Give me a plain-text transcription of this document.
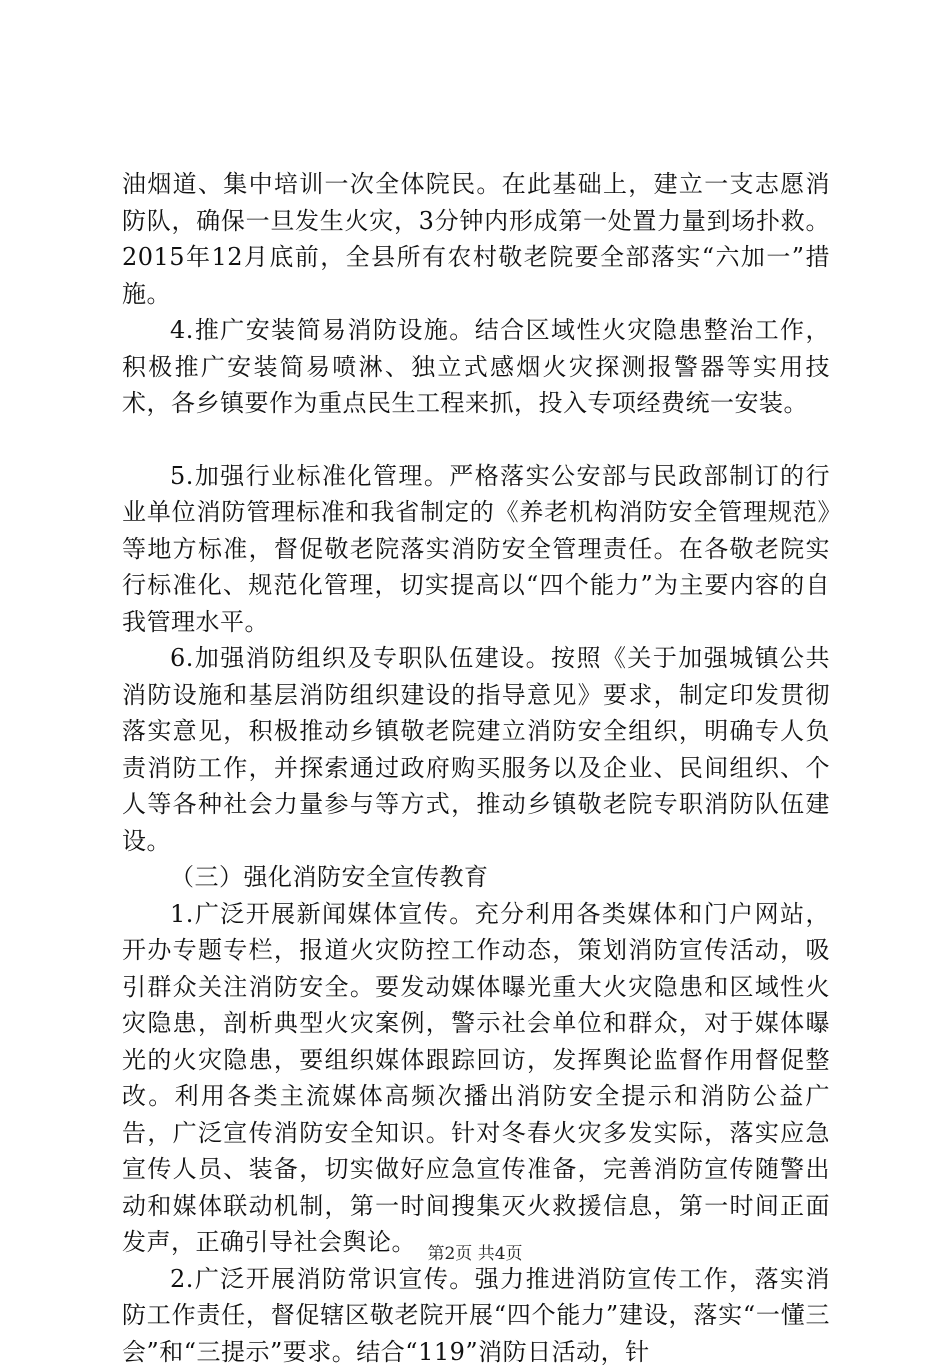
油烟道、集中培训一次全体院民。在此基础上，建立一支志愿消防队，确保一旦发生火灾，3分钟内形成第一处置力量到场扑救。2015年12月底前，全县所有农村敬老院要全部落实“六加一”措施。

4.推广安装简易消防设施。结合区域性火灾隐患整治工作，积极推广安装简易喷淋、独立式感烟火灾探测报警器等实用技术，各乡镇要作为重点民生工程来抓，投入专项经费统一安装。

5.加强行业标准化管理。严格落实公安部与民政部制订的行业单位消防管理标准和我省制定的《养老机构消防安全管理规范》等地方标准，督促敬老院落实消防安全管理责任。在各敬老院实行标准化、规范化管理，切实提高以“四个能力”为主要内容的自我管理水平。

6.加强消防组织及专职队伍建设。按照《关于加强城镇公共消防设施和基层消防组织建设的指导意见》要求，制定印发贯彻落实意见，积极推动乡镇敬老院建立消防安全组织，明确专人负责消防工作，并探索通过政府购买服务以及企业、民间组织、个人等各种社会力量参与等方式，推动乡镇敬老院专职消防队伍建设。

（三）强化消防安全宣传教育

1.广泛开展新闻媒体宣传。充分利用各类媒体和门户网站，开办专题专栏，报道火灾防控工作动态，策划消防宣传活动，吸引群众关注消防安全。要发动媒体曝光重大火灾隐患和区域性火灾隐患，剖析典型火灾案例，警示社会单位和群众，对于媒体曝光的火灾隐患，要组织媒体跟踪回访，发挥舆论监督作用督促整改。利用各类主流媒体高频次播出消防安全提示和消防公益广告，广泛宣传消防安全知识。针对冬春火灾多发实际，落实应急宣传人员、装备，切实做好应急宣传准备，完善消防宣传随警出动和媒体联动机制，第一时间搜集灭火救援信息，第一时间正面发声，正确引导社会舆论。

2.广泛开展消防常识宣传。强力推进消防宣传工作，落实消防工作责任，督促辖区敬老院开展“四个能力”建设，落实“一懂三会”和“三提示”要求。结合“119”消防日活动，针

第2页 共4页
